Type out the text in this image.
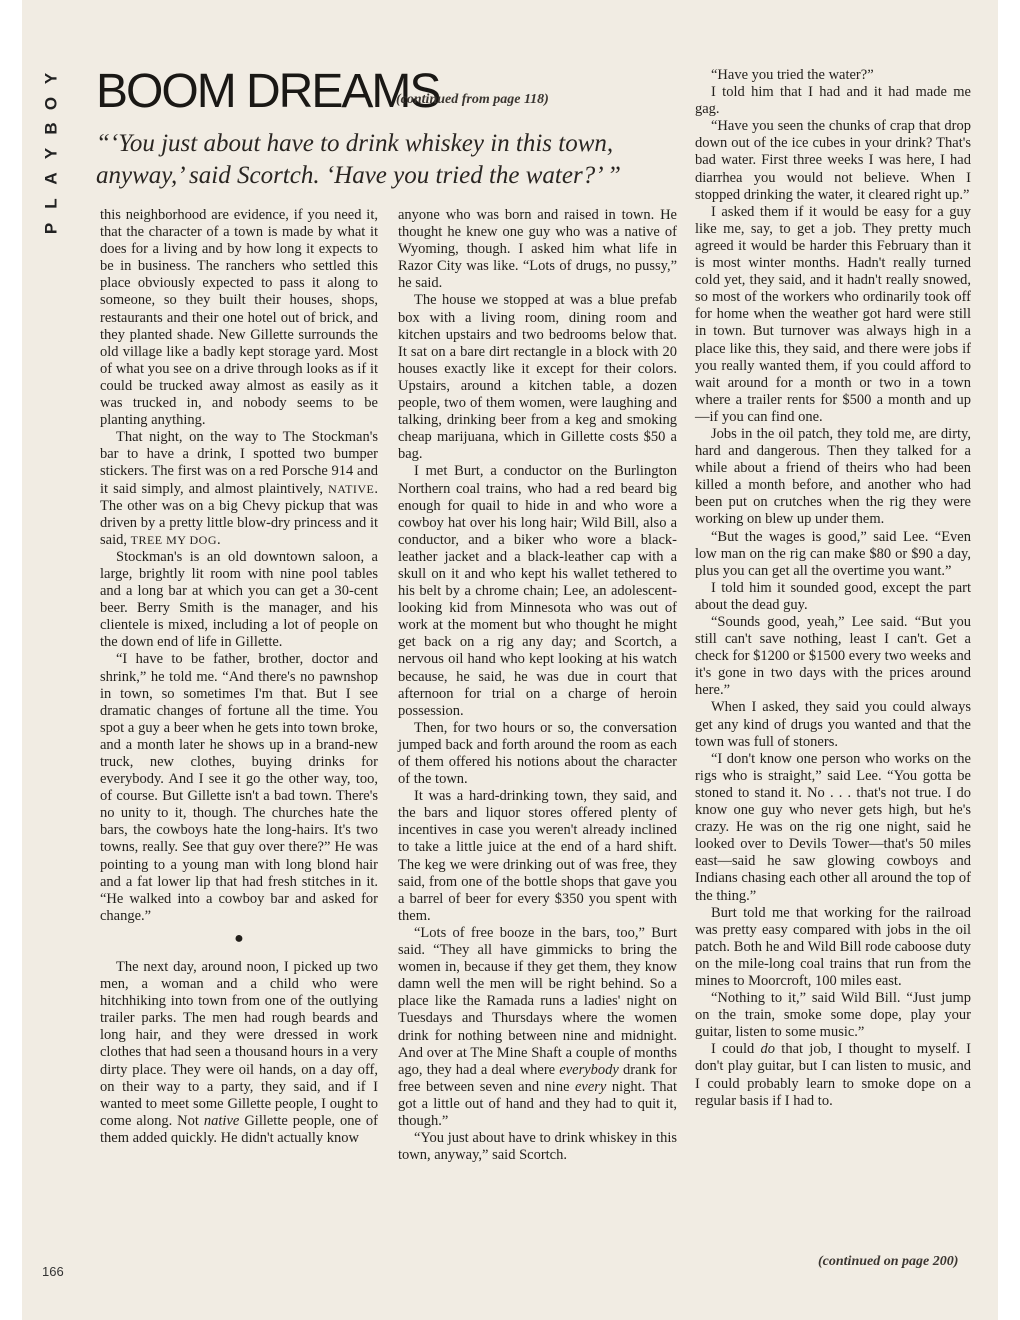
Y
O
B
Y
A
L
P
BOOM DREAMS
(continued from page 118)
“‘You just about have to drink whiskey in this town, anyway,’ said Scortch. ‘Have you tried the water?’ ”

this neighborhood are evidence, if you need it, that the character of a town is made by what it does for a living and by how long it expects to be in business. The ranchers who settled this place obviously expected to pass it along to someone, so they built their houses, shops, restaurants and their one hotel out of brick, and they planted shade. New Gillette surrounds the old village like a badly kept storage yard. Most of what you see on a drive through looks as if it could be trucked away almost as easily as it was trucked in, and nobody seems to be planting anything.

That night, on the way to The Stockman's bar to have a drink, I spotted two bumper stickers. The first was on a red Porsche 914 and it said simply, and almost plaintively, NATIVE. The other was on a big Chevy pickup that was driven by a pretty little blow-dry princess and it said, TREE MY DOG.

Stockman's is an old downtown saloon, a large, brightly lit room with nine pool tables and a long bar at which you can get a 30-cent beer. Berry Smith is the manager, and his clientele is mixed, including a lot of people on the down end of life in Gillette.

“I have to be father, brother, doctor and shrink,” he told me. “And there's no pawnshop in town, so sometimes I'm that. But I see dramatic changes of fortune all the time. You spot a guy a beer when he gets into town broke, and a month later he shows up in a brand-new truck, new clothes, buying drinks for everybody. And I see it go the other way, too, of course. But Gillette isn't a bad town. There's no unity to it, though. The churches hate the bars, the cowboys hate the long-hairs. It's two towns, really. See that guy over there?” He was pointing to a young man with long blond hair and a fat lower lip that had fresh stitches in it. “He walked into a cowboy bar and asked for change.”

●

The next day, around noon, I picked up two men, a woman and a child who were hitchhiking into town from one of the outlying trailer parks. The men had rough beards and long hair, and they were dressed in work clothes that had seen a thousand hours in a very dirty place. They were oil hands, on a day off, on their way to a party, they said, and if I wanted to meet some Gillette people, I ought to come along. Not native Gillette people, one of them added quickly. He didn't actually know

anyone who was born and raised in town. He thought he knew one guy who was a native of Wyoming, though. I asked him what life in Razor City was like. “Lots of drugs, no pussy,” he said.

The house we stopped at was a blue prefab box with a living room, dining room and kitchen upstairs and two bedrooms below that. It sat on a bare dirt rectangle in a block with 20 houses exactly like it except for their colors. Upstairs, around a kitchen table, a dozen people, two of them women, were laughing and talking, drinking beer from a keg and smoking cheap marijuana, which in Gillette costs $50 a bag.

I met Burt, a conductor on the Burlington Northern coal trains, who had a red beard big enough for quail to hide in and who wore a cowboy hat over his long hair; Wild Bill, also a conductor, and a biker who wore a black-leather jacket and a black-leather cap with a skull on it and who kept his wallet tethered to his belt by a chrome chain; Lee, an adolescent-looking kid from Minnesota who was out of work at the moment but who thought he might get back on a rig any day; and Scortch, a nervous oil hand who kept looking at his watch because, he said, he was due in court that afternoon for trial on a charge of heroin possession.

Then, for two hours or so, the conversation jumped back and forth around the room as each of them offered his notions about the character of the town.

It was a hard-drinking town, they said, and the bars and liquor stores offered plenty of incentives in case you weren't already inclined to take a little juice at the end of a hard shift. The keg we were drinking out of was free, they said, from one of the bottle shops that gave you a barrel of beer for every $350 you spent with them.

“Lots of free booze in the bars, too,” Burt said. “They all have gimmicks to bring the women in, because if they get them, they know damn well the men will be right behind. So a place like the Ramada runs a ladies' night on Tuesdays and Thursdays where the women drink for nothing between nine and midnight. And over at The Mine Shaft a couple of months ago, they had a deal where everybody drank for free between seven and nine every night. That got a little out of hand and they had to quit it, though.”

“You just about have to drink whiskey in this town, anyway,” said Scortch.

“Have you tried the water?”

I told him that I had and it had made me gag.

“Have you seen the chunks of crap that drop down out of the ice cubes in your drink? That's bad water. First three weeks I was here, I had diarrhea you would not believe. When I stopped drinking the water, it cleared right up.”

I asked them if it would be easy for a guy like me, say, to get a job. They pretty much agreed it would be harder this February than it is most winter months. Hadn't really turned cold yet, they said, and it hadn't really snowed, so most of the workers who ordinarily took off for home when the weather got hard were still in town. But turnover was always high in a place like this, they said, and there were jobs if you really wanted them, if you could afford to wait around for a month or two in a town where a trailer rents for $500 a month and up—if you can find one.

Jobs in the oil patch, they told me, are dirty, hard and dangerous. Then they talked for a while about a friend of theirs who had been killed a month before, and another who had been put on crutches when the rig they were working on blew up under them.

“But the wages is good,” said Lee. “Even low man on the rig can make $80 or $90 a day, plus you can get all the overtime you want.”

I told him it sounded good, except the part about the dead guy.

“Sounds good, yeah,” Lee said. “But you still can't save nothing, least I can't. Get a check for $1200 or $1500 every two weeks and it's gone in two days with the prices around here.”

When I asked, they said you could always get any kind of drugs you wanted and that the town was full of stoners.

“I don't know one person who works on the rigs who is straight,” said Lee. “You gotta be stoned to stand it. No . . . that's not true. I do know one guy who never gets high, but he's crazy. He was on the rig one night, said he looked over to Devils Tower—that's 50 miles east—said he saw glowing cowboys and Indians chasing each other all around the top of the thing.”

Burt told me that working for the railroad was pretty easy compared with jobs in the oil patch. Both he and Wild Bill rode caboose duty on the mile-long coal trains that run from the mines to Moorcroft, 100 miles east.

“Nothing to it,” said Wild Bill. “Just jump on the train, smoke some dope, play your guitar, listen to some music.”

I could do that job, I thought to myself. I don't play guitar, but I can listen to music, and I could probably learn to smoke dope on a regular basis if I had to.

166
(continued on page 200)
